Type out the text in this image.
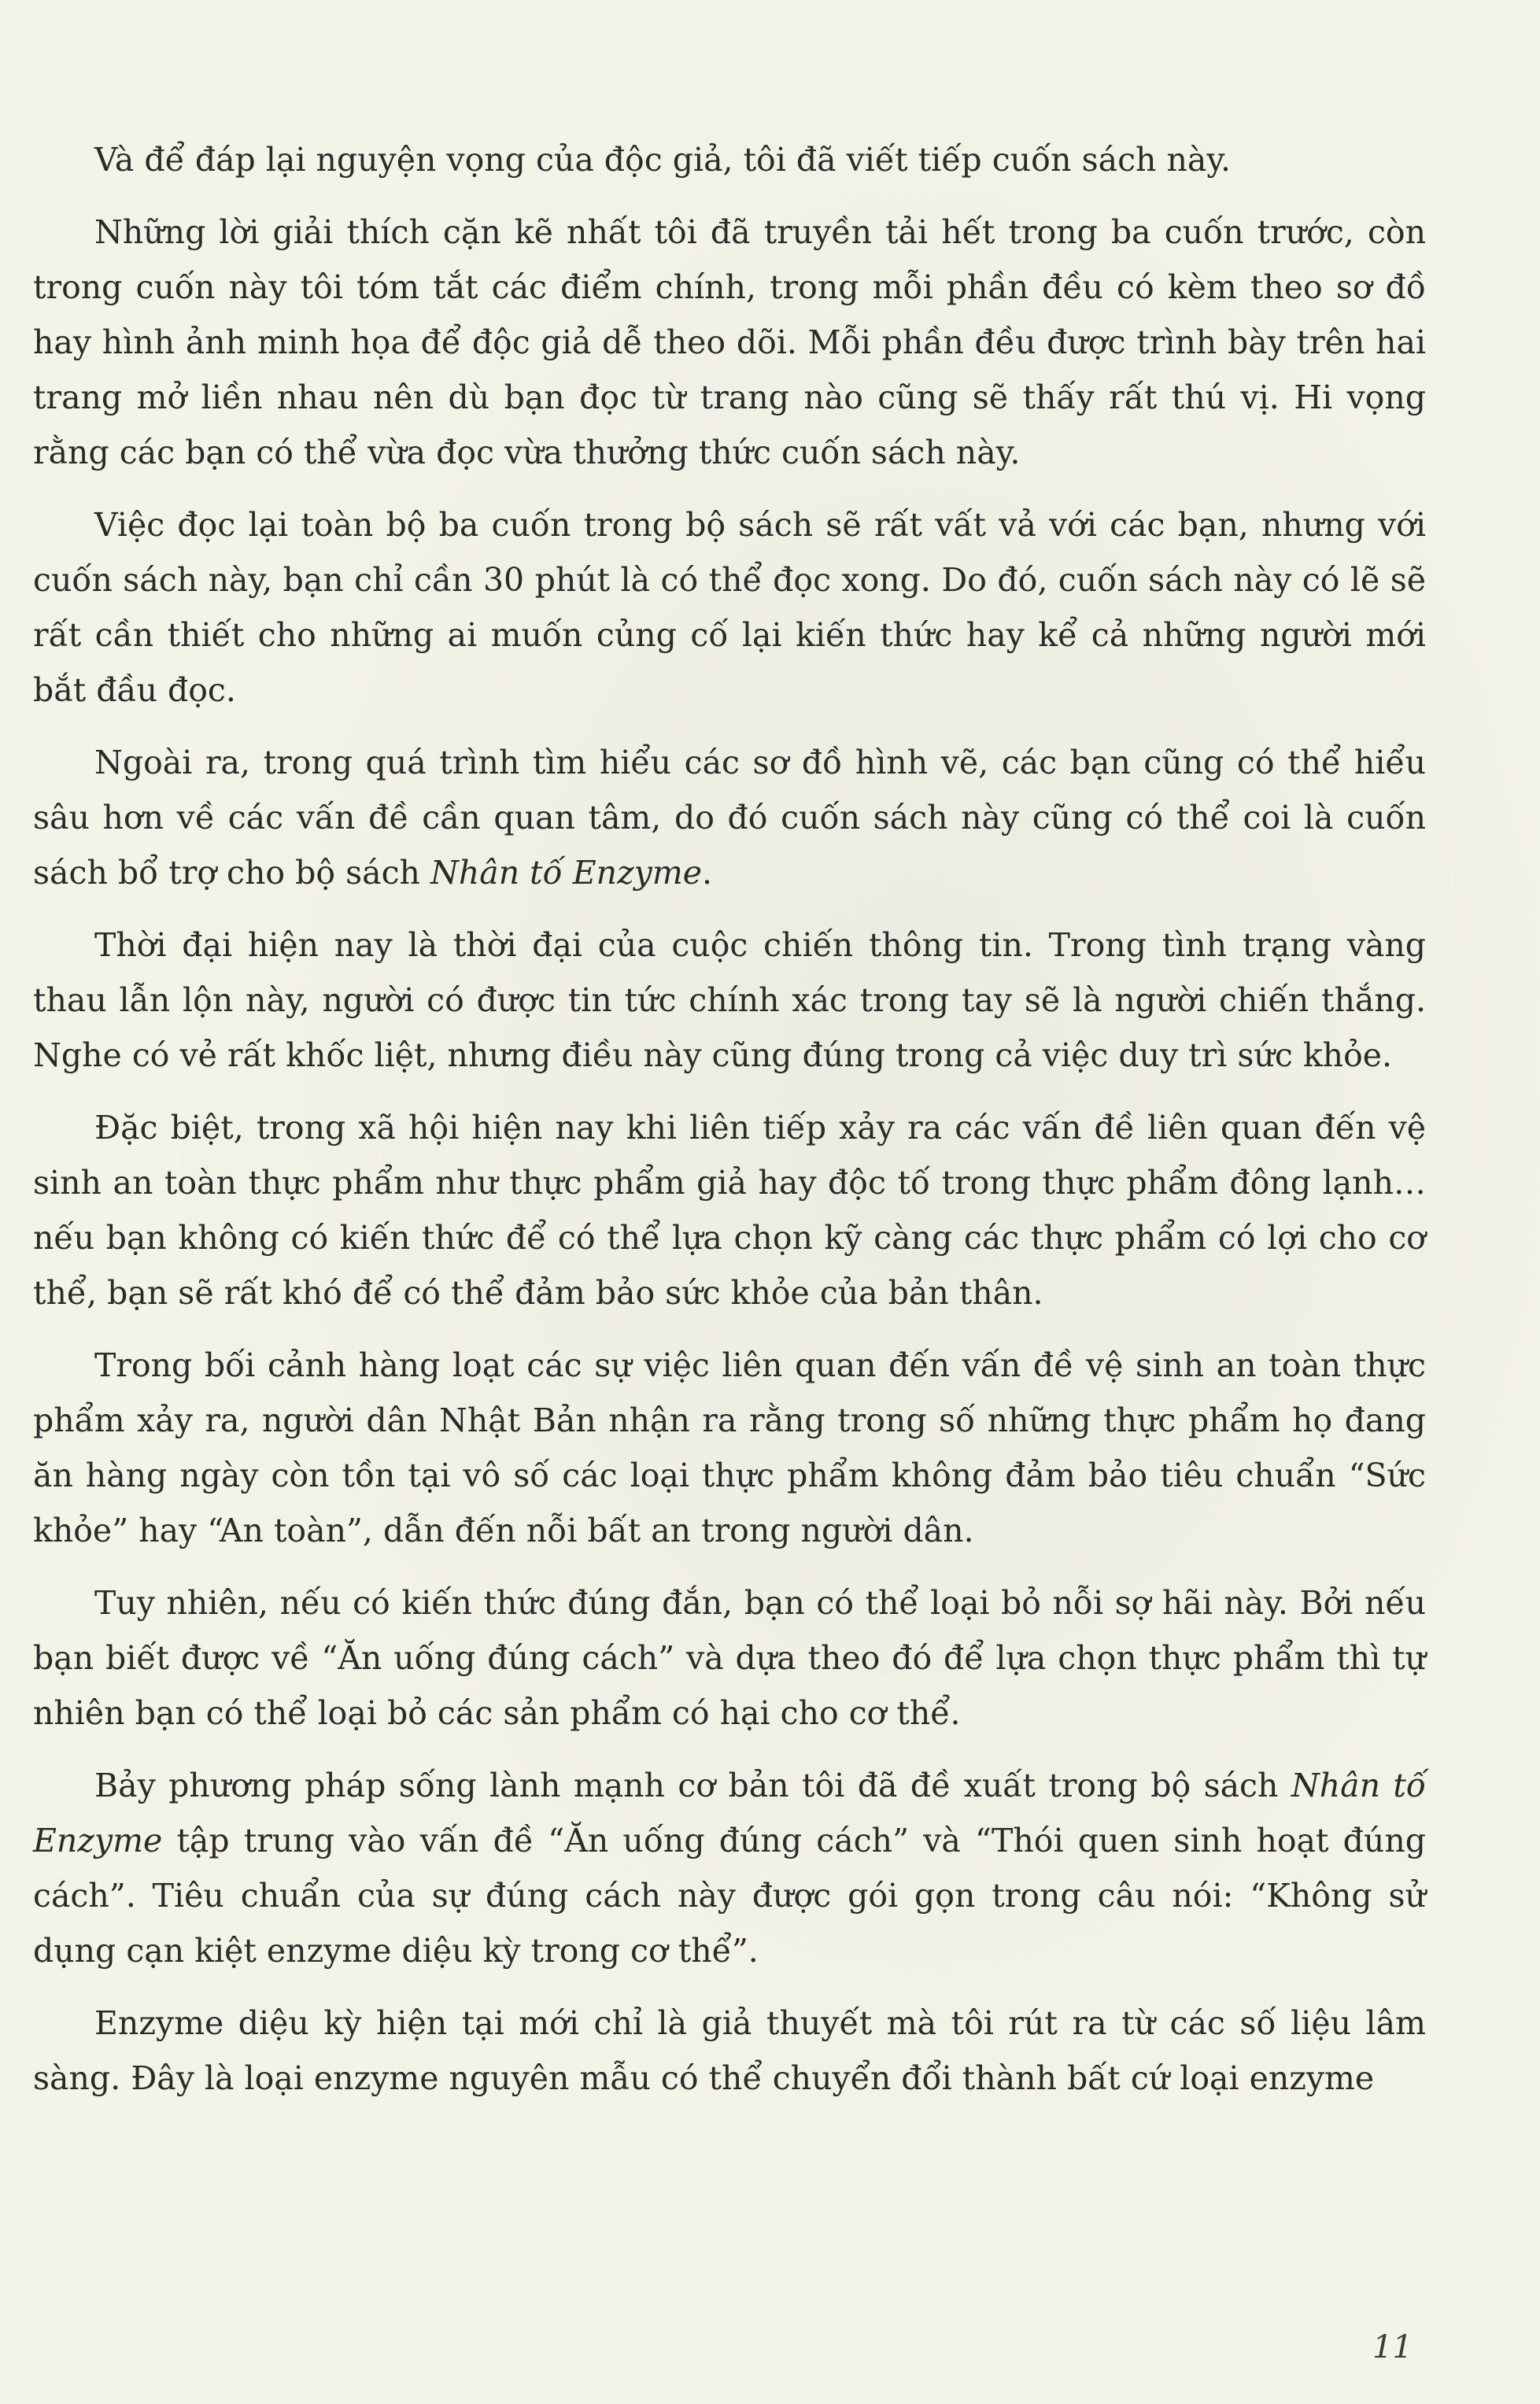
Và để đáp lại nguyện vọng của độc giả, tôi đã viết tiếp cuốn sách này.

Những lời giải thích cặn kẽ nhất tôi đã truyền tải hết trong ba cuốn trước, còn trong cuốn này tôi tóm tắt các điểm chính, trong mỗi phần đều có kèm theo sơ đồ hay hình ảnh minh họa để độc giả dễ theo dõi. Mỗi phần đều được trình bày trên hai trang mở liền nhau nên dù bạn đọc từ trang nào cũng sẽ thấy rất thú vị. Hi vọng rằng các bạn có thể vừa đọc vừa thưởng thức cuốn sách này.

Việc đọc lại toàn bộ ba cuốn trong bộ sách sẽ rất vất vả với các bạn, nhưng với cuốn sách này, bạn chỉ cần 30 phút là có thể đọc xong. Do đó, cuốn sách này có lẽ sẽ rất cần thiết cho những ai muốn củng cố lại kiến thức hay kể cả những người mới bắt đầu đọc.

Ngoài ra, trong quá trình tìm hiểu các sơ đồ hình vẽ, các bạn cũng có thể hiểu sâu hơn về các vấn đề cần quan tâm, do đó cuốn sách này cũng có thể coi là cuốn sách bổ trợ cho bộ sách Nhân tố Enzyme.

Thời đại hiện nay là thời đại của cuộc chiến thông tin. Trong tình trạng vàng thau lẫn lộn này, người có được tin tức chính xác trong tay sẽ là người chiến thắng. Nghe có vẻ rất khốc liệt, nhưng điều này cũng đúng trong cả việc duy trì sức khỏe.

Đặc biệt, trong xã hội hiện nay khi liên tiếp xảy ra các vấn đề liên quan đến vệ sinh an toàn thực phẩm như thực phẩm giả hay độc tố trong thực phẩm đông lạnh… nếu bạn không có kiến thức để có thể lựa chọn kỹ càng các thực phẩm có lợi cho cơ thể, bạn sẽ rất khó để có thể đảm bảo sức khỏe của bản thân.

Trong bối cảnh hàng loạt các sự việc liên quan đến vấn đề vệ sinh an toàn thực phẩm xảy ra, người dân Nhật Bản nhận ra rằng trong số những thực phẩm họ đang ăn hàng ngày còn tồn tại vô số các loại thực phẩm không đảm bảo tiêu chuẩn “Sức khỏe” hay “An toàn”, dẫn đến nỗi bất an trong người dân.

Tuy nhiên, nếu có kiến thức đúng đắn, bạn có thể loại bỏ nỗi sợ hãi này. Bởi nếu bạn biết được về “Ăn uống đúng cách” và dựa theo đó để lựa chọn thực phẩm thì tự nhiên bạn có thể loại bỏ các sản phẩm có hại cho cơ thể.

Bảy phương pháp sống lành mạnh cơ bản tôi đã đề xuất trong bộ sách Nhân tố Enzyme tập trung vào vấn đề “Ăn uống đúng cách” và “Thói quen sinh hoạt đúng cách”. Tiêu chuẩn của sự đúng cách này được gói gọn trong câu nói: “Không sử dụng cạn kiệt enzyme diệu kỳ trong cơ thể”.

Enzyme diệu kỳ hiện tại mới chỉ là giả thuyết mà tôi rút ra từ các số liệu lâm sàng. Đây là loại enzyme nguyên mẫu có thể chuyển đổi thành bất cứ loại enzyme

11
